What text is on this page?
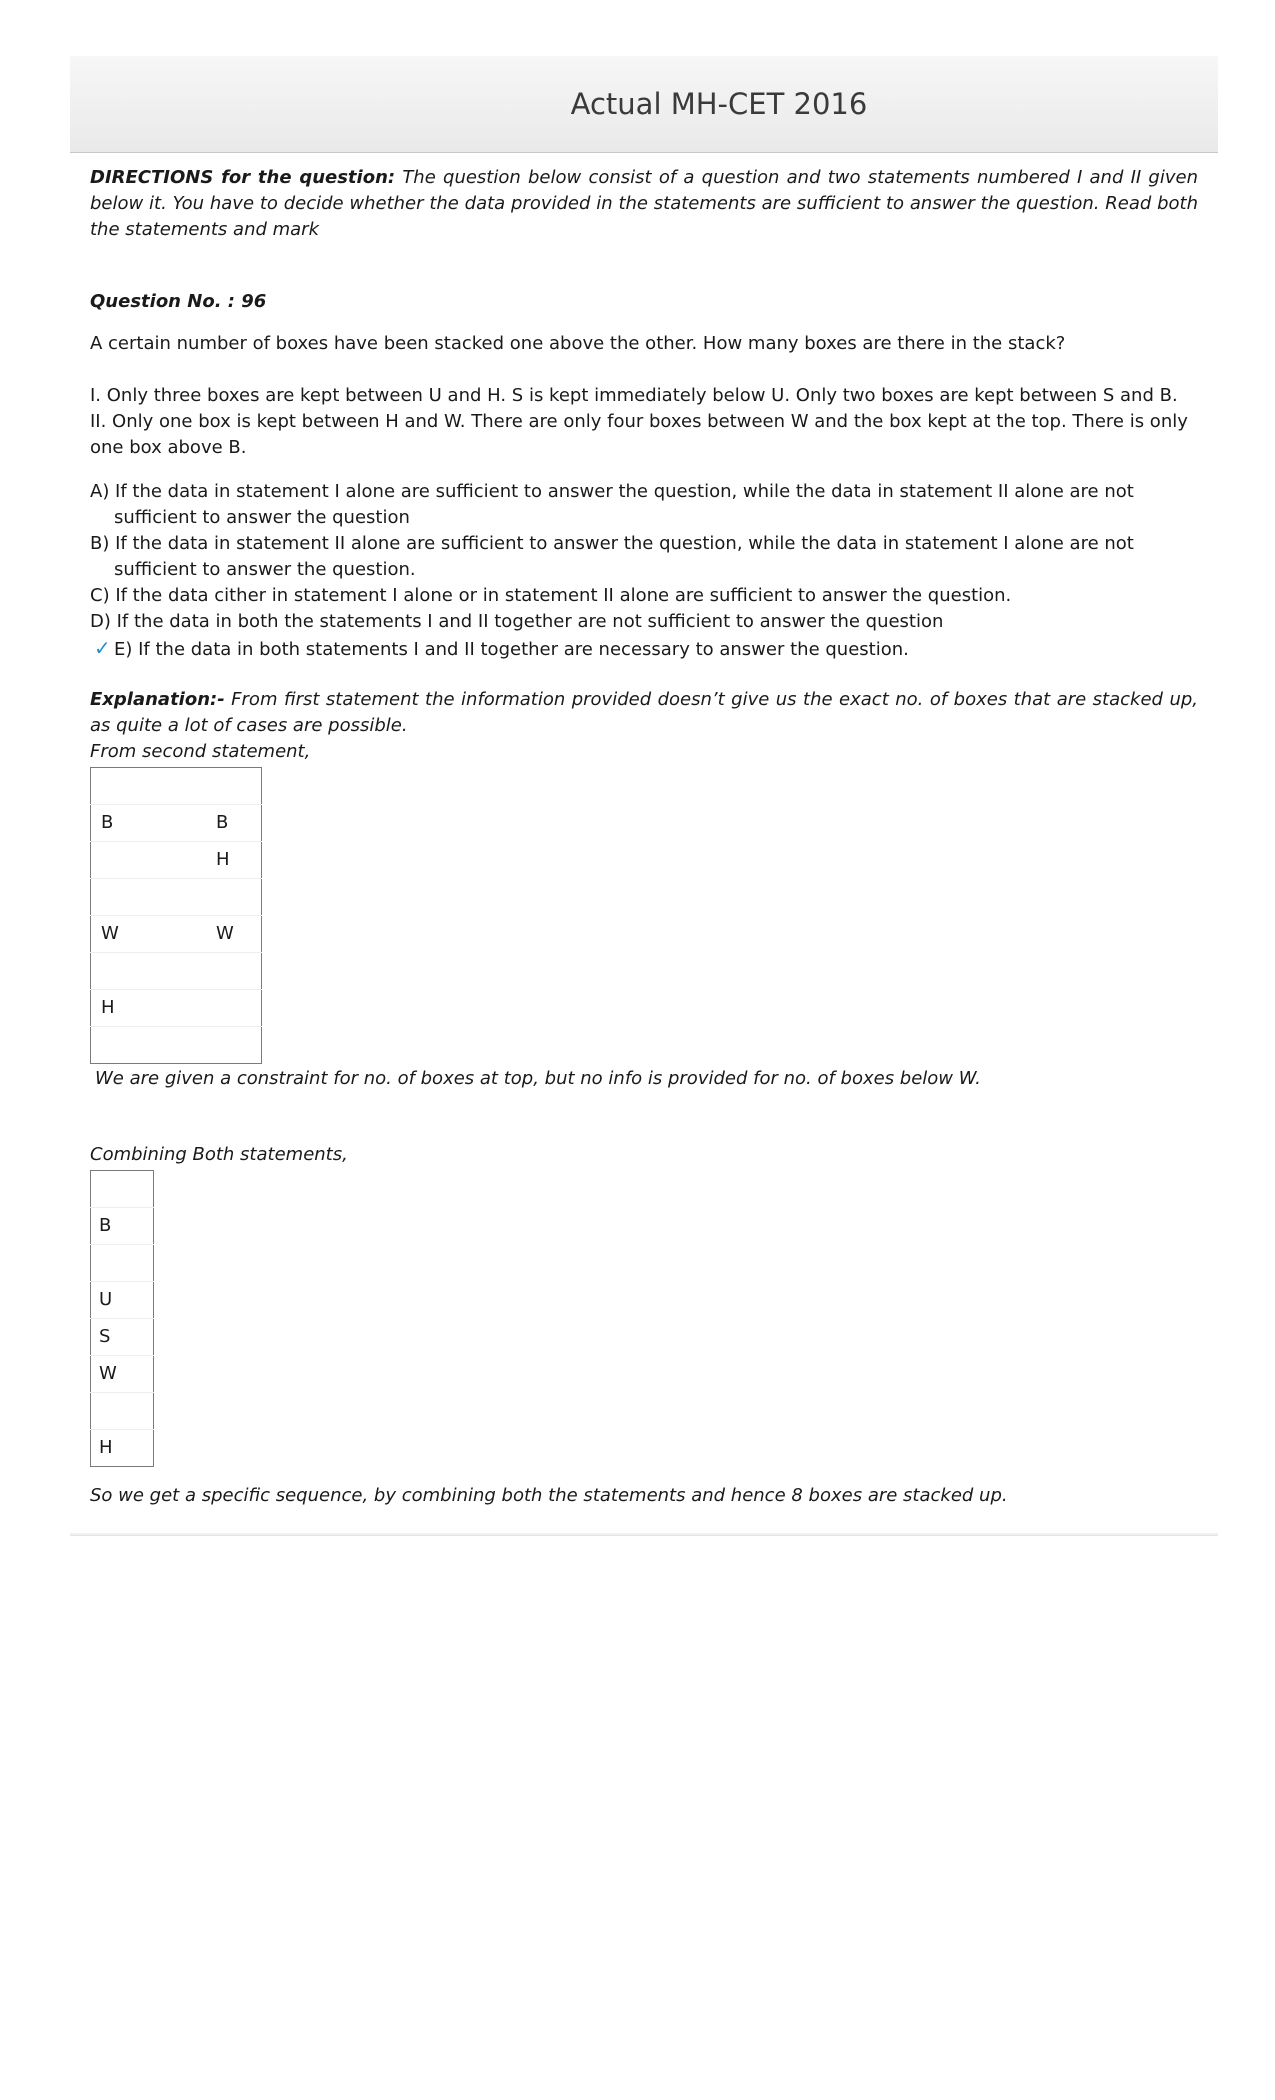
Actual MH-CET 2016

DIRECTIONS for the question: The question below consist of a question and two statements numbered I and II given below it. You have to decide whether the data provided in the statements are sufficient to answer the question. Read both the statements and mark

Question No. : 96

A certain number of boxes have been stacked one above the other. How many boxes are there in the stack?

I. Only three boxes are kept between U and H. S is kept immediately below U. Only two boxes are kept between S and B.

II. Only one box is kept between H and W. There are only four boxes between W and the box kept at the top. There is only one box above B.

A) If the data in statement I alone are sufficient to answer the question, while the data in statement II alone are not sufficient to answer the question
B) If the data in statement II alone are sufficient to answer the question, while the data in statement I alone are not sufficient to answer the question.
C) If the data cither in statement I alone or in statement II alone are sufficient to answer the question.
D) If the data in both the statements I and II together are not sufficient to answer the question
✓ E) If the data in both statements I and II together are necessary to answer the question.

Explanation:- From first statement the information provided doesn’t give us the exact no. of boxes that are stacked up, as quite a lot of cases are possible.

From second statement,

B	B
	H

W	W

H	

We are given a constraint for no. of boxes at top, but no info is provided for no. of boxes below W.

Combining Both statements,

B

U
S
W

H

So we get a specific sequence, by combining both the statements and hence 8 boxes are stacked up.
